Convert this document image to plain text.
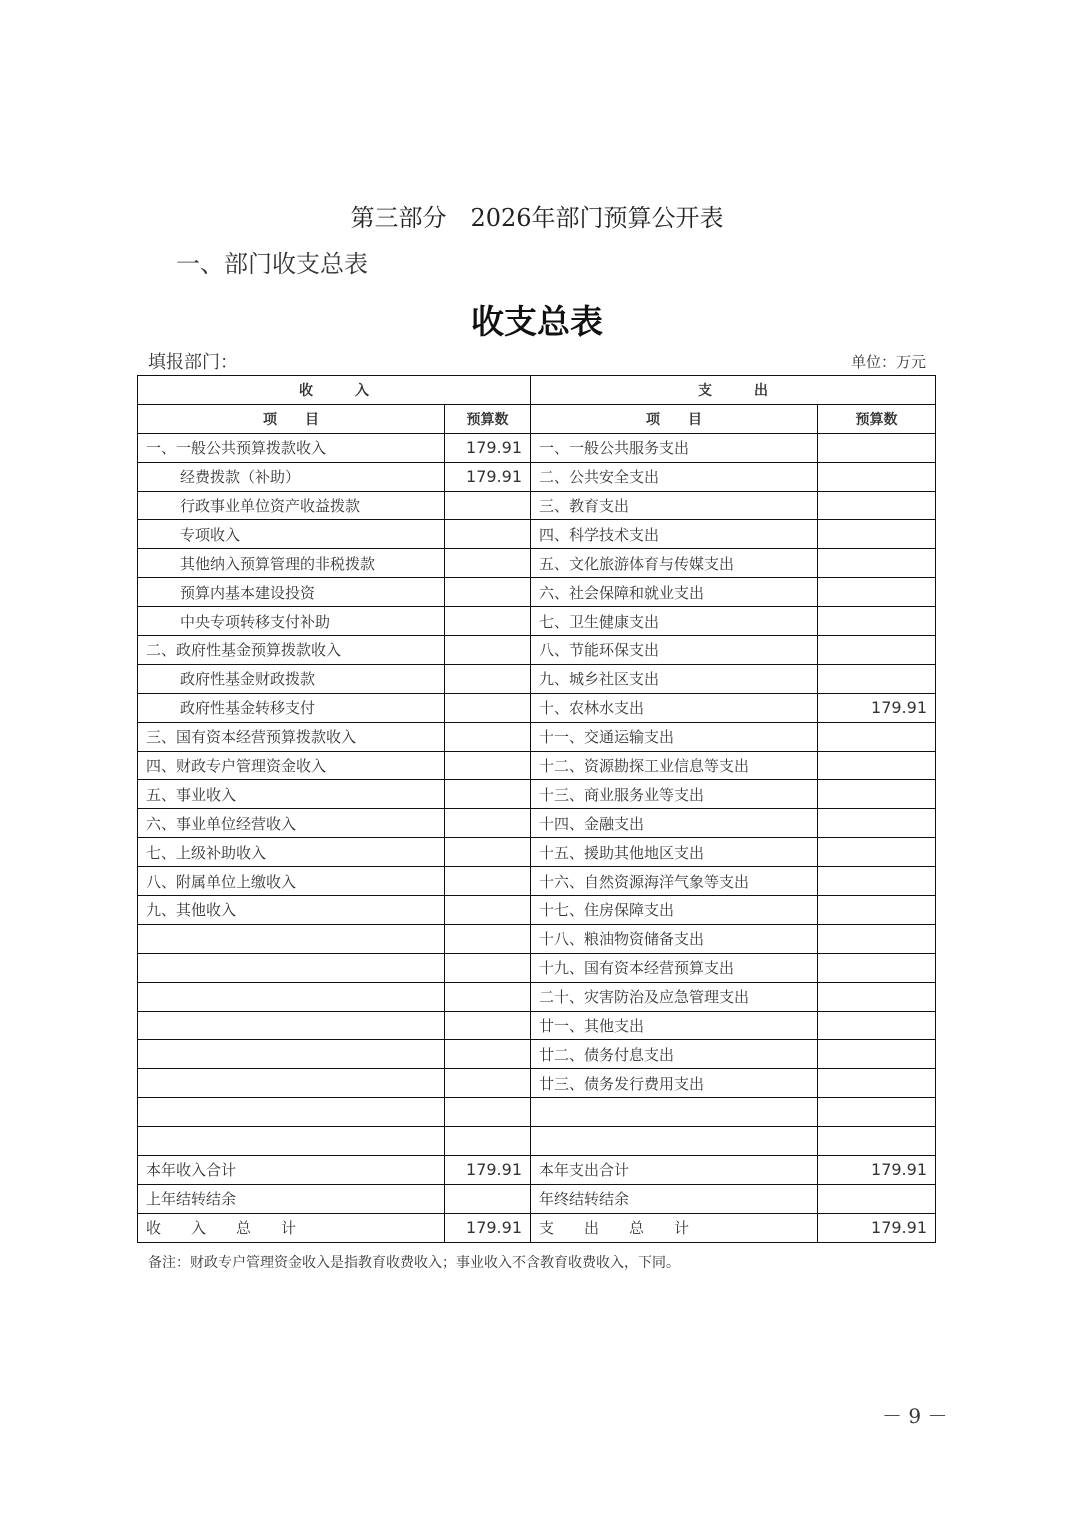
第三部分　2026年部门预算公开表
一、部门收支总表
收支总表
填报部门：	单位：万元
收　　　入		支　　　出	
项　　目	预算数	项　　目	预算数
一、一般公共预算拨款收入	179.91	一、一般公共服务支出	
经费拨款（补助）	179.91	二、公共安全支出	
行政事业单位资产收益拨款		三、教育支出	
专项收入		四、科学技术支出	
其他纳入预算管理的非税拨款		五、文化旅游体育与传媒支出	
预算内基本建设投资		六、社会保障和就业支出	
中央专项转移支付补助		七、卫生健康支出	
二、政府性基金预算拨款收入		八、节能环保支出	
政府性基金财政拨款		九、城乡社区支出	
政府性基金转移支付		十、农林水支出	179.91
三、国有资本经营预算拨款收入		十一、交通运输支出	
四、财政专户管理资金收入		十二、资源勘探工业信息等支出	
五、事业收入		十三、商业服务业等支出	
六、事业单位经营收入		十四、金融支出	
七、上级补助收入		十五、援助其他地区支出	
八、附属单位上缴收入		十六、自然资源海洋气象等支出	
九、其他收入		十七、住房保障支出	
		十八、粮油物资储备支出	
		十九、国有资本经营预算支出	
		二十、灾害防治及应急管理支出	
		廿一、其他支出	
		廿二、债务付息支出	
		廿三、债务发行费用支出	

本年收入合计	179.91	本年支出合计	179.91
上年结转结余		年终结转结余	
收　　入　　总　　计	179.91	支　　出　　总　　计	179.91
备注：财政专户管理资金收入是指教育收费收入；事业收入不含教育收费收入，下同。
－ 9 －
